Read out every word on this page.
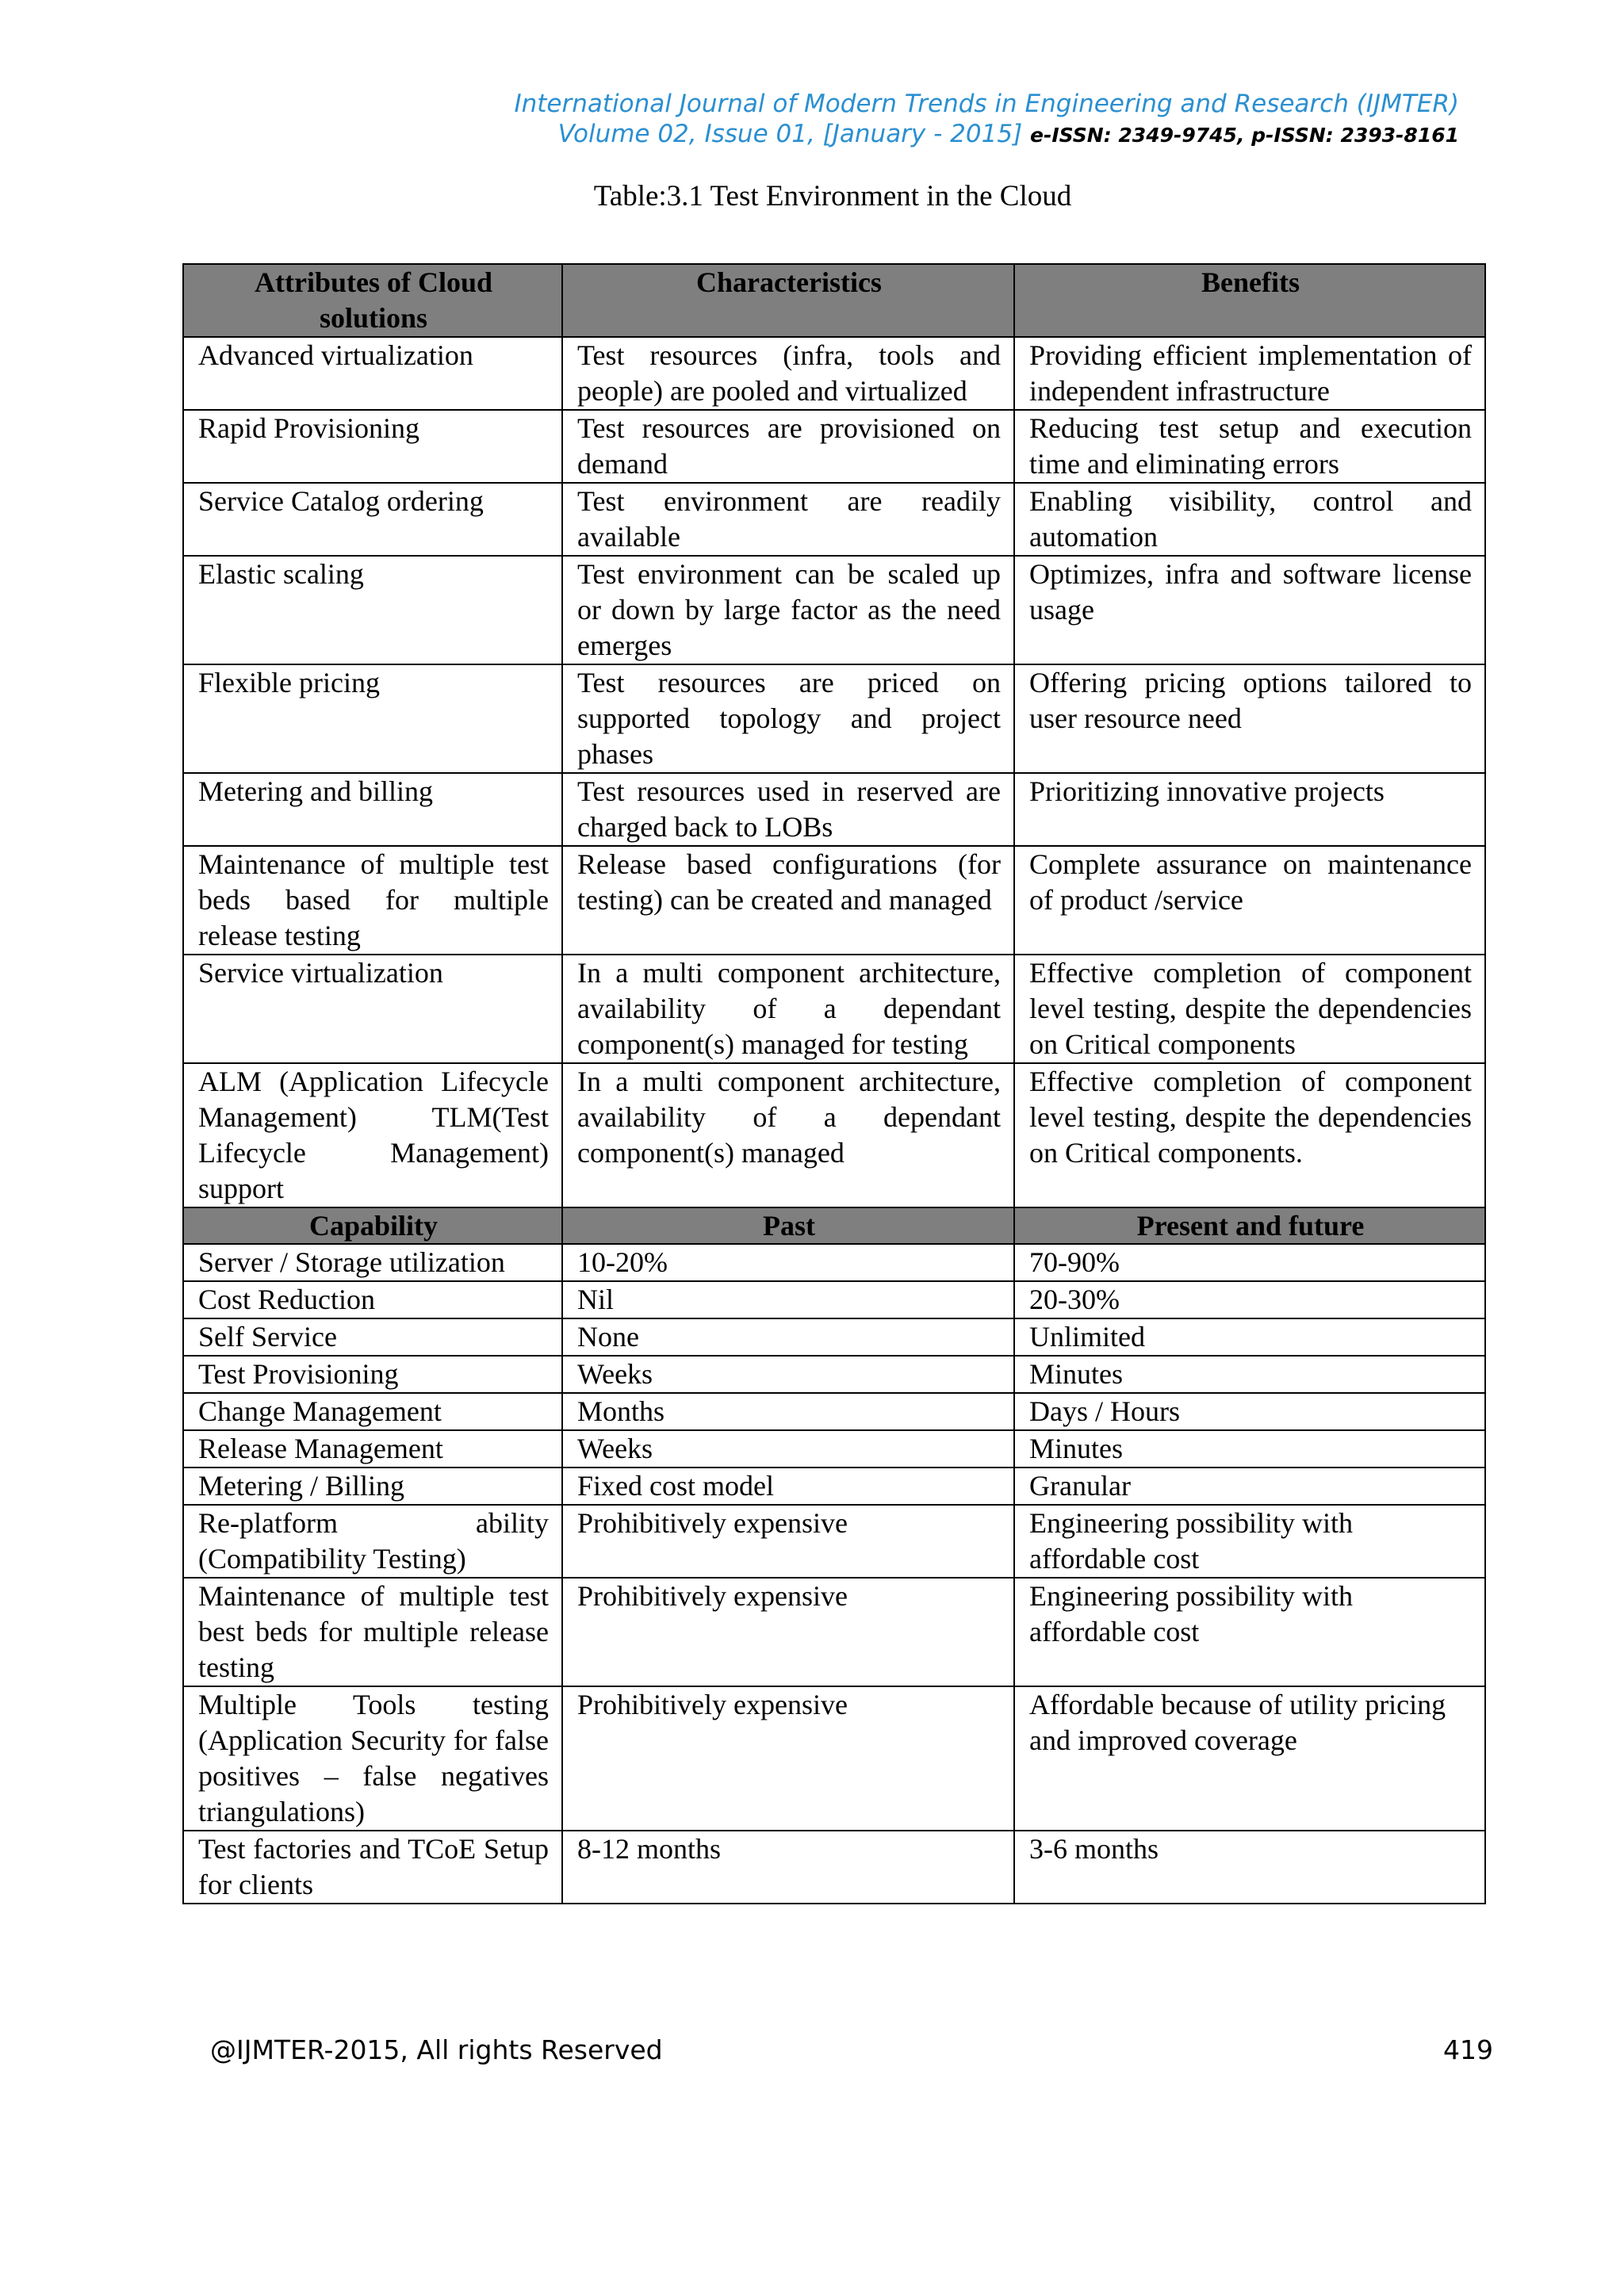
International Journal of Modern Trends in Engineering and Research (IJMTER)
Volume 02, Issue 01, [January - 2015] e-ISSN: 2349-9745, p-ISSN: 2393-8161
Table:3.1 Test Environment in the Cloud
Attributes of Cloud solutions	Characteristics	Benefits
Advanced virtualization	Test resources (infra, tools and people) are pooled and virtualized	Providing efficient implementation of independent infrastructure
Rapid Provisioning	Test resources are provisioned on demand	Reducing test setup and execution time and eliminating errors
Service Catalog ordering	Test environment are readily available	Enabling visibility, control and automation
Elastic scaling	Test environment can be scaled up or down by large factor as the need emerges	Optimizes, infra and software license usage
Flexible pricing	Test resources are priced on supported topology and project phases	Offering pricing options tailored to user resource need
Metering and billing	Test resources used in reserved are charged back to LOBs	Prioritizing innovative projects
Maintenance of multiple test beds based for multiple release testing	Release based configurations (for testing) can be created and managed	Complete assurance on maintenance of product /service
Service virtualization	In a multi component architecture, availability of a dependant component(s) managed for testing	Effective completion of component level testing, despite the dependencies on Critical components
ALM (Application Lifecycle Management) TLM(Test Lifecycle Management) support	In a multi component architecture, availability of a dependant component(s) managed	Effective completion of component level testing, despite the dependencies on Critical components.
Capability	Past	Present and future
Server / Storage utilization	10-20%	70-90%
Cost Reduction	Nil	20-30%
Self Service	None	Unlimited
Test Provisioning	Weeks	Minutes
Change Management	Months	Days / Hours
Release Management	Weeks	Minutes
Metering / Billing	Fixed cost model	Granular
Re-platform ability (Compatibility Testing)	Prohibitively expensive	Engineering possibility with affordable cost
Maintenance of multiple test best beds for multiple release testing	Prohibitively expensive	Engineering possibility with affordable cost
Multiple Tools testing (Application Security for false positives – false negatives triangulations)	Prohibitively expensive	Affordable because of utility pricing and improved coverage
Test factories and TCoE Setup for clients	8-12 months	3-6 months
@IJMTER-2015, All rights Reserved	419
